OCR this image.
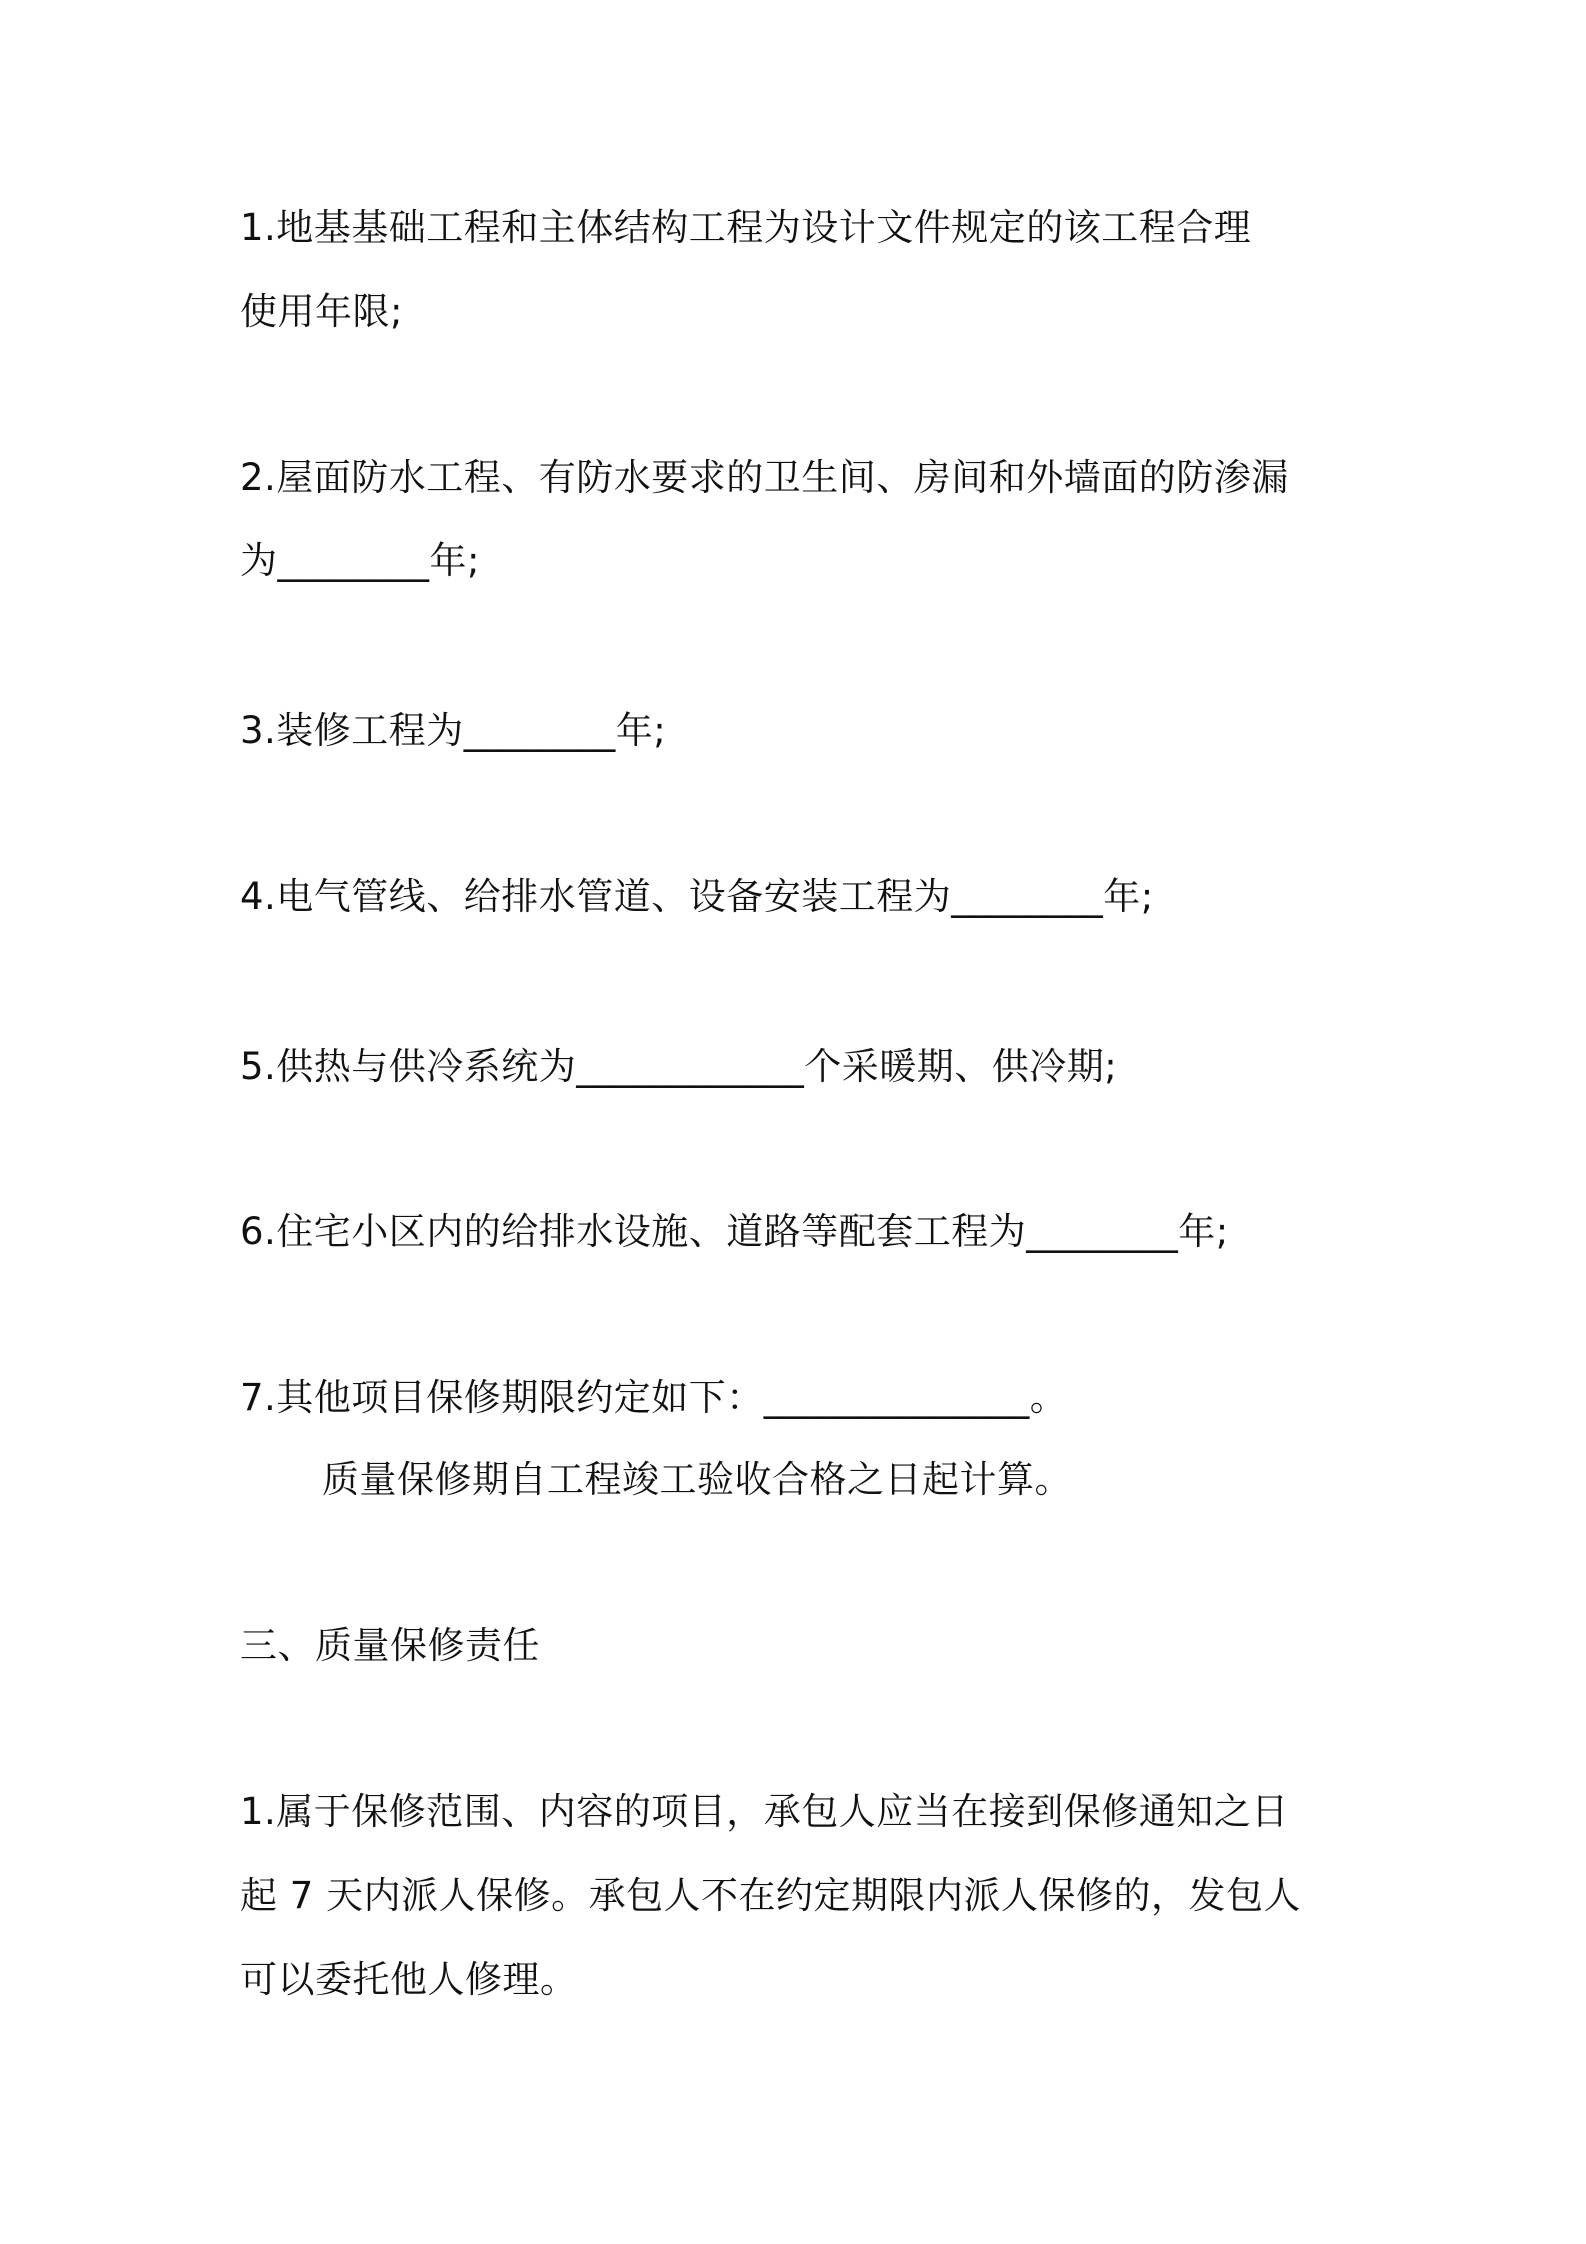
1.地基基础工程和主体结构工程为设计文件规定的该工程合理
使用年限;
2.屋面防水工程、有防水要求的卫生间、房间和外墙面的防渗漏
为________年;
3.装修工程为________年;
4.电气管线、给排水管道、设备安装工程为________年;
5.供热与供冷系统为____________个采暖期、供冷期;
6.住宅小区内的给排水设施、道路等配套工程为________年;
7.其他项目保修期限约定如下：______________。
质量保修期自工程竣工验收合格之日起计算。
三、质量保修责任
1.属于保修范围、内容的项目，承包人应当在接到保修通知之日
起 7 天内派人保修。承包人不在约定期限内派人保修的，发包人
可以委托他人修理。
